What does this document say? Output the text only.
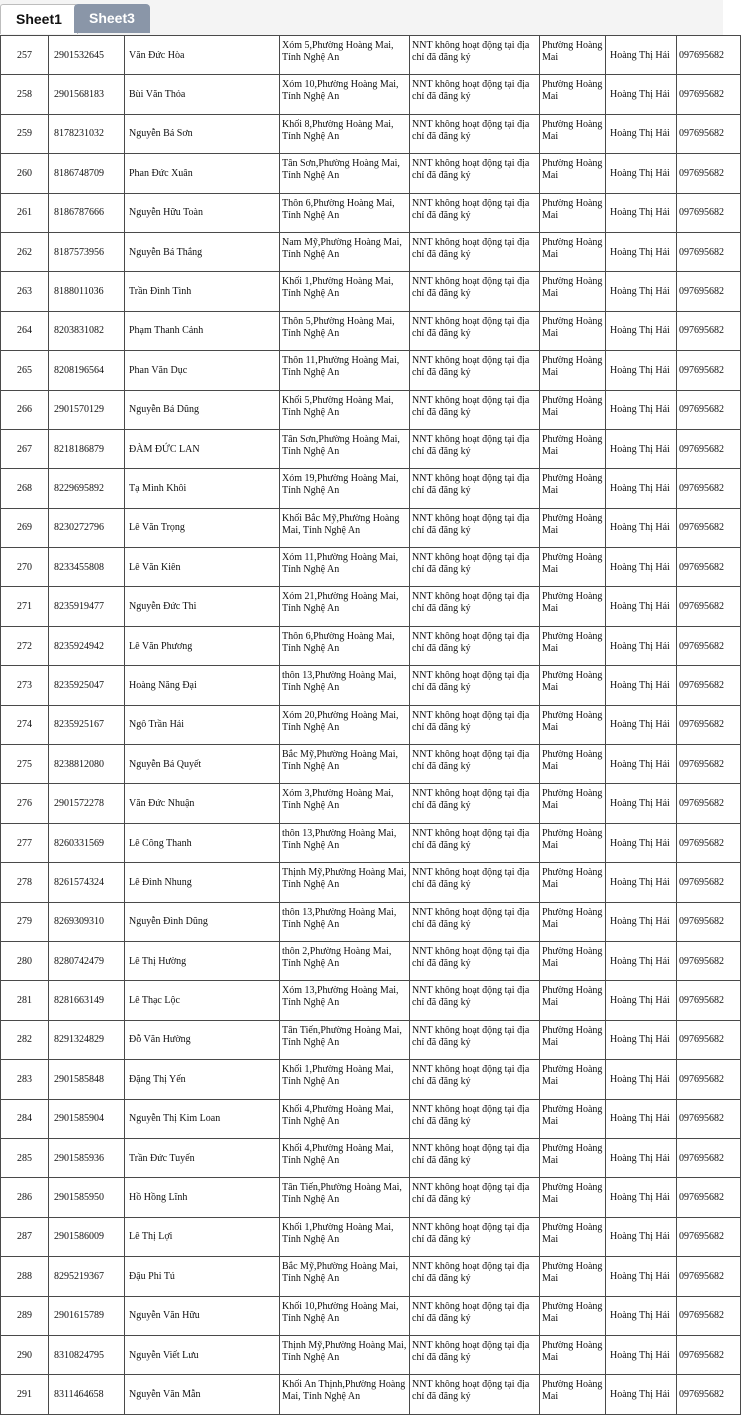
Sheet1	Sheet3
257	2901532645	Văn Đức Hòa	Xóm 5,Phường Hoàng Mai, Tỉnh Nghệ An	NNT không hoạt động tại địa chỉ đã đăng ký	Phường Hoàng Mai	Hoàng Thị Hải	097695682
258	2901568183	Bùi Văn Thỏa	Xóm 10,Phường Hoàng Mai, Tỉnh Nghệ An	NNT không hoạt động tại địa chỉ đã đăng ký	Phường Hoàng Mai	Hoàng Thị Hải	097695682
259	8178231032	Nguyễn Bá Sơn	Khối 8,Phường Hoàng Mai, Tỉnh Nghệ An	NNT không hoạt động tại địa chỉ đã đăng ký	Phường Hoàng Mai	Hoàng Thị Hải	097695682
260	8186748709	Phan Đức Xuân	Tân Sơn,Phường Hoàng Mai, Tỉnh Nghệ An	NNT không hoạt động tại địa chỉ đã đăng ký	Phường Hoàng Mai	Hoàng Thị Hải	097695682
261	8186787666	Nguyễn Hữu Toàn	Thôn 6,Phường Hoàng Mai, Tỉnh Nghệ An	NNT không hoạt động tại địa chỉ đã đăng ký	Phường Hoàng Mai	Hoàng Thị Hải	097695682
262	8187573956	Nguyễn Bá Thắng	Nam Mỹ,Phường Hoàng Mai, Tỉnh Nghệ An	NNT không hoạt động tại địa chỉ đã đăng ký	Phường Hoàng Mai	Hoàng Thị Hải	097695682
263	8188011036	Trần Đình Tình	Khối 1,Phường Hoàng Mai, Tỉnh Nghệ An	NNT không hoạt động tại địa chỉ đã đăng ký	Phường Hoàng Mai	Hoàng Thị Hải	097695682
264	8203831082	Phạm Thanh Cảnh	Thôn 5,Phường Hoàng Mai, Tỉnh Nghệ An	NNT không hoạt động tại địa chỉ đã đăng ký	Phường Hoàng Mai	Hoàng Thị Hải	097695682
265	8208196564	Phan Văn Dục	Thôn 11,Phường Hoàng Mai, Tỉnh Nghệ An	NNT không hoạt động tại địa chỉ đã đăng ký	Phường Hoàng Mai	Hoàng Thị Hải	097695682
266	2901570129	Nguyễn Bá Dũng	Khối 5,Phường Hoàng Mai, Tỉnh Nghệ An	NNT không hoạt động tại địa chỉ đã đăng ký	Phường Hoàng Mai	Hoàng Thị Hải	097695682
267	8218186879	ĐÀM ĐỨC LAN	Tân Sơn,Phường Hoàng Mai, Tỉnh Nghệ An	NNT không hoạt động tại địa chỉ đã đăng ký	Phường Hoàng Mai	Hoàng Thị Hải	097695682
268	8229695892	Tạ Minh Khôi	Xóm 19,Phường Hoàng Mai, Tỉnh Nghệ An	NNT không hoạt động tại địa chỉ đã đăng ký	Phường Hoàng Mai	Hoàng Thị Hải	097695682
269	8230272796	Lê Văn Trọng	Khối Bắc Mỹ,Phường Hoàng Mai, Tỉnh Nghệ An	NNT không hoạt động tại địa chỉ đã đăng ký	Phường Hoàng Mai	Hoàng Thị Hải	097695682
270	8233455808	Lê Văn Kiên	Xóm 11,Phường Hoàng Mai, Tỉnh Nghệ An	NNT không hoạt động tại địa chỉ đã đăng ký	Phường Hoàng Mai	Hoàng Thị Hải	097695682
271	8235919477	Nguyễn Đức Thi	Xóm 21,Phường Hoàng Mai, Tỉnh Nghệ An	NNT không hoạt động tại địa chỉ đã đăng ký	Phường Hoàng Mai	Hoàng Thị Hải	097695682
272	8235924942	Lê Văn Phương	Thôn 6,Phường Hoàng Mai, Tỉnh Nghệ An	NNT không hoạt động tại địa chỉ đã đăng ký	Phường Hoàng Mai	Hoàng Thị Hải	097695682
273	8235925047	Hoàng Năng Đại	thôn 13,Phường Hoàng Mai, Tỉnh Nghệ An	NNT không hoạt động tại địa chỉ đã đăng ký	Phường Hoàng Mai	Hoàng Thị Hải	097695682
274	8235925167	Ngô Trần Hải	Xóm 20,Phường Hoàng Mai, Tỉnh Nghệ An	NNT không hoạt động tại địa chỉ đã đăng ký	Phường Hoàng Mai	Hoàng Thị Hải	097695682
275	8238812080	Nguyễn Bá Quyết	Bắc Mỹ,Phường Hoàng Mai, Tỉnh Nghệ An	NNT không hoạt động tại địa chỉ đã đăng ký	Phường Hoàng Mai	Hoàng Thị Hải	097695682
276	2901572278	Văn Đức Nhuận	Xóm 3,Phường Hoàng Mai, Tỉnh Nghệ An	NNT không hoạt động tại địa chỉ đã đăng ký	Phường Hoàng Mai	Hoàng Thị Hải	097695682
277	8260331569	Lê Công Thanh	thôn 13,Phường Hoàng Mai, Tỉnh Nghệ An	NNT không hoạt động tại địa chỉ đã đăng ký	Phường Hoàng Mai	Hoàng Thị Hải	097695682
278	8261574324	Lê Đình Nhung	Thịnh Mỹ,Phường Hoàng Mai, Tỉnh Nghệ An	NNT không hoạt động tại địa chỉ đã đăng ký	Phường Hoàng Mai	Hoàng Thị Hải	097695682
279	8269309310	Nguyễn Đình Dũng	thôn 13,Phường Hoàng Mai, Tỉnh Nghệ An	NNT không hoạt động tại địa chỉ đã đăng ký	Phường Hoàng Mai	Hoàng Thị Hải	097695682
280	8280742479	Lê Thị Hường	thôn 2,Phường Hoàng Mai, Tỉnh Nghệ An	NNT không hoạt động tại địa chỉ đã đăng ký	Phường Hoàng Mai	Hoàng Thị Hải	097695682
281	8281663149	Lê Thạc Lộc	Xóm 13,Phường Hoàng Mai, Tỉnh Nghệ An	NNT không hoạt động tại địa chỉ đã đăng ký	Phường Hoàng Mai	Hoàng Thị Hải	097695682
282	8291324829	Đỗ Văn Hường	Tân Tiến,Phường Hoàng Mai, Tỉnh Nghệ An	NNT không hoạt động tại địa chỉ đã đăng ký	Phường Hoàng Mai	Hoàng Thị Hải	097695682
283	2901585848	Đặng Thị Yến	Khối 1,Phường Hoàng Mai, Tỉnh Nghệ An	NNT không hoạt động tại địa chỉ đã đăng ký	Phường Hoàng Mai	Hoàng Thị Hải	097695682
284	2901585904	Nguyễn Thị Kim Loan	Khối 4,Phường Hoàng Mai, Tỉnh Nghệ An	NNT không hoạt động tại địa chỉ đã đăng ký	Phường Hoàng Mai	Hoàng Thị Hải	097695682
285	2901585936	Trần Đức Tuyến	Khối 4,Phường Hoàng Mai, Tỉnh Nghệ An	NNT không hoạt động tại địa chỉ đã đăng ký	Phường Hoàng Mai	Hoàng Thị Hải	097695682
286	2901585950	Hồ Hồng Lĩnh	Tân Tiến,Phường Hoàng Mai, Tỉnh Nghệ An	NNT không hoạt động tại địa chỉ đã đăng ký	Phường Hoàng Mai	Hoàng Thị Hải	097695682
287	2901586009	Lê Thị Lợi	Khối 1,Phường Hoàng Mai, Tỉnh Nghệ An	NNT không hoạt động tại địa chỉ đã đăng ký	Phường Hoàng Mai	Hoàng Thị Hải	097695682
288	8295219367	Đậu Phi Tú	Bắc Mỹ,Phường Hoàng Mai, Tỉnh Nghệ An	NNT không hoạt động tại địa chỉ đã đăng ký	Phường Hoàng Mai	Hoàng Thị Hải	097695682
289	2901615789	Nguyễn Văn Hữu	Khối 10,Phường Hoàng Mai, Tỉnh Nghệ An	NNT không hoạt động tại địa chỉ đã đăng ký	Phường Hoàng Mai	Hoàng Thị Hải	097695682
290	8310824795	Nguyễn Viết Lưu	Thịnh Mỹ,Phường Hoàng Mai, Tỉnh Nghệ An	NNT không hoạt động tại địa chỉ đã đăng ký	Phường Hoàng Mai	Hoàng Thị Hải	097695682
291	8311464658	Nguyễn Văn Mẫn	Khối An Thịnh,Phường Hoàng Mai, Tỉnh Nghệ An	NNT không hoạt động tại địa chỉ đã đăng ký	Phường Hoàng Mai	Hoàng Thị Hải	097695682
